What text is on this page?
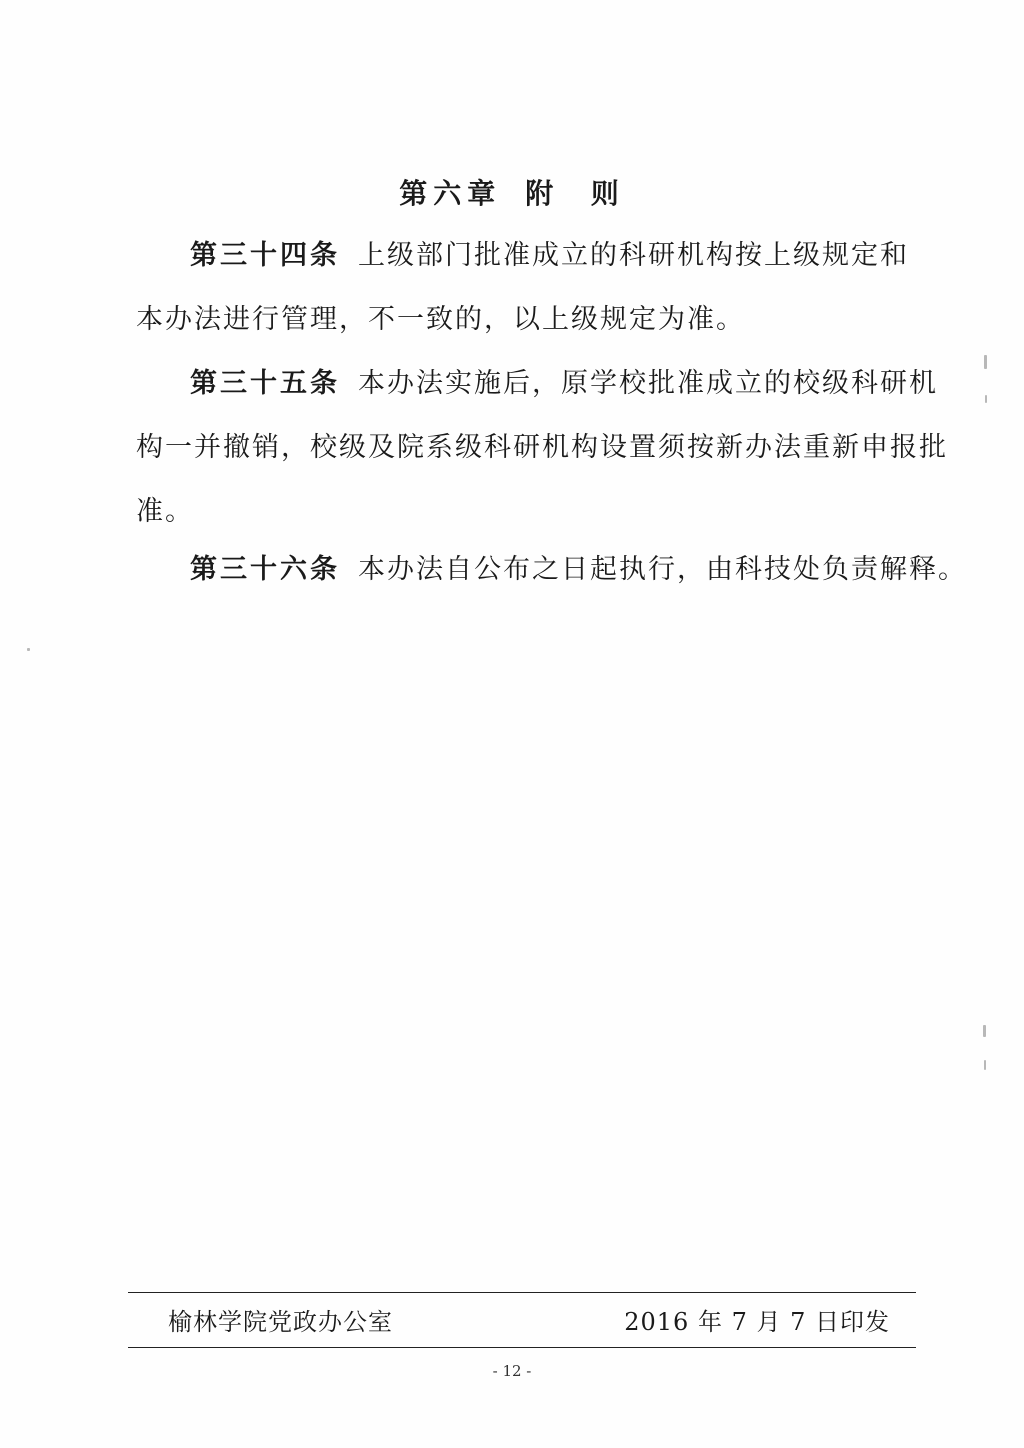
第六章 附  则
第三十四条 上级部门批准成立的科研机构按上级规定和
本办法进行管理，不一致的，以上级规定为准。
第三十五条 本办法实施后，原学校批准成立的校级科研机
构一并撤销，校级及院系级科研机构设置须按新办法重新申报批
准。
第三十六条 本办法自公布之日起执行，由科技处负责解释。
榆林学院党政办公室	2016 年 7 月 7 日印发
- 12 -
